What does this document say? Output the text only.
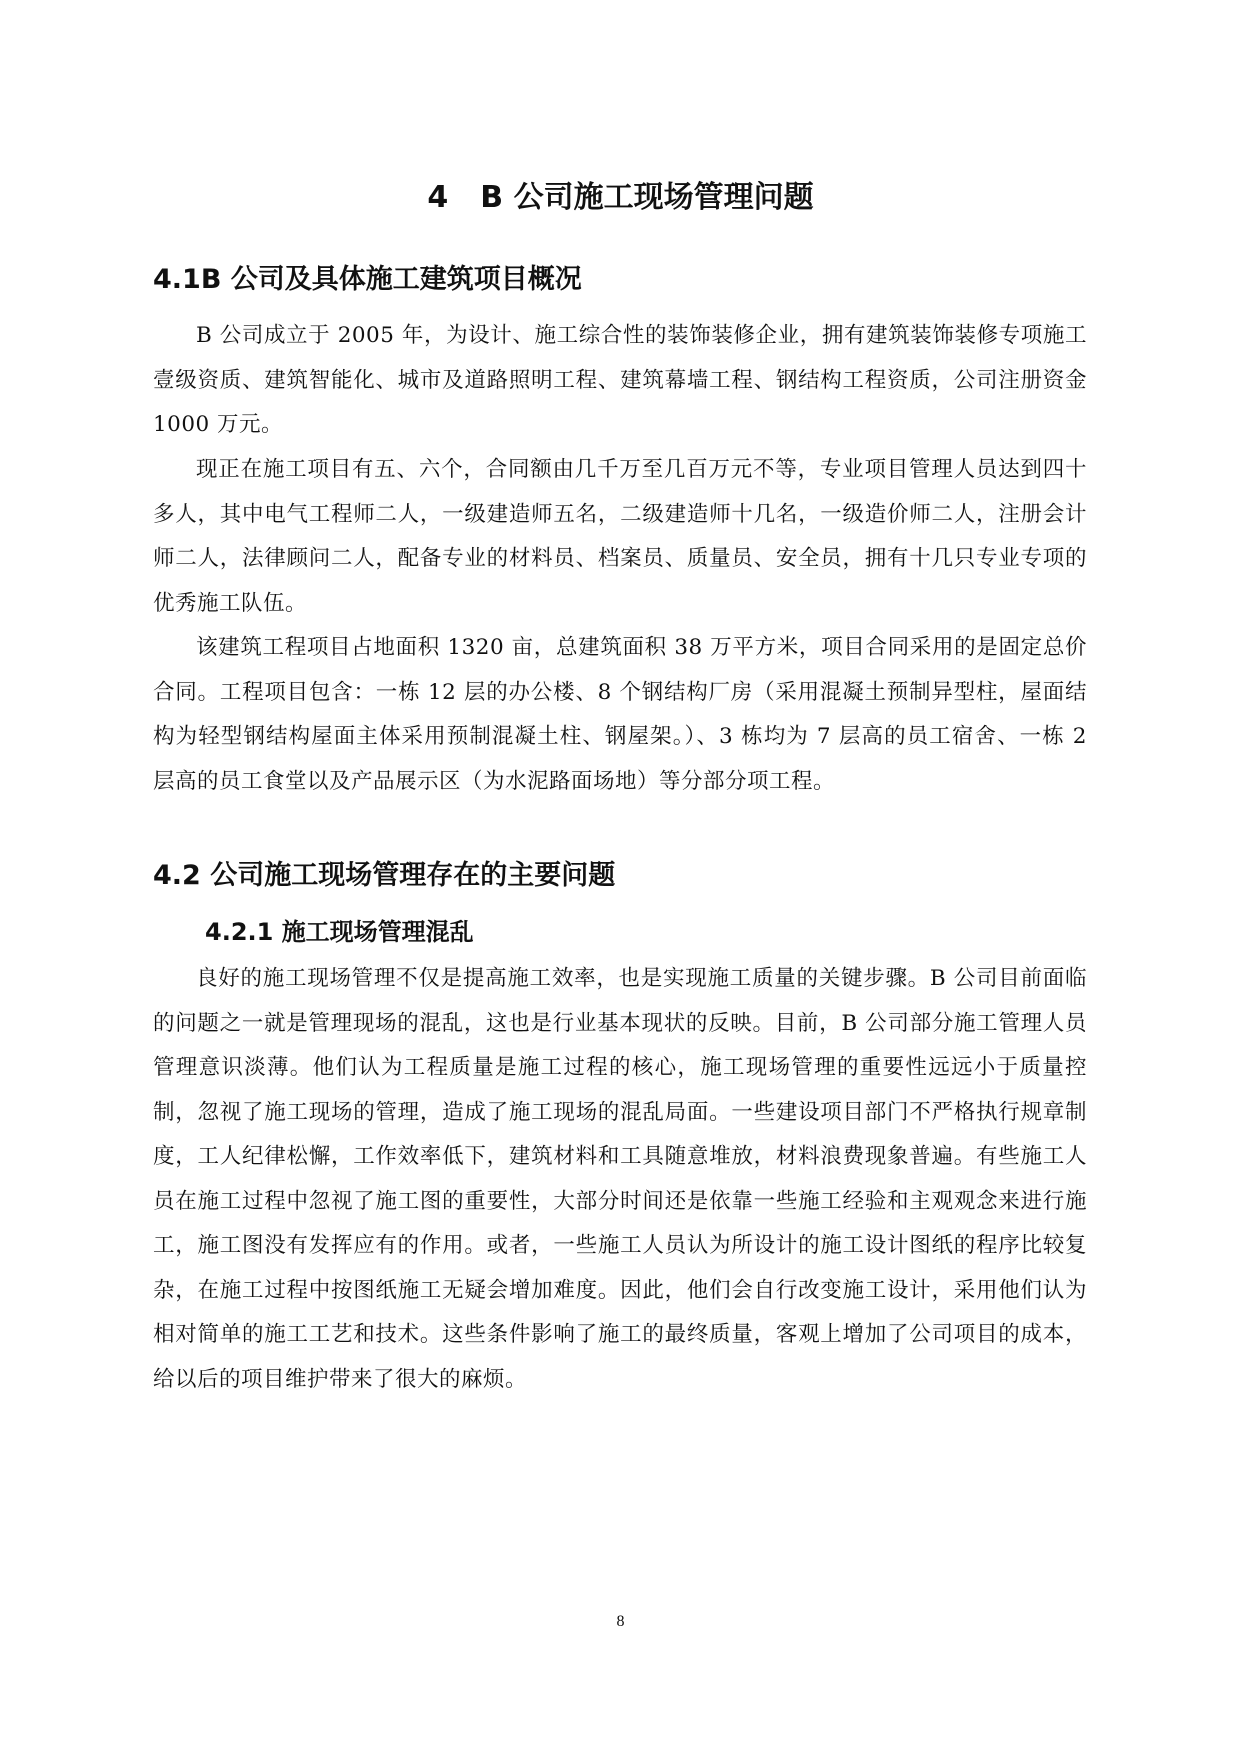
4 B 公司施工现场管理问题
4.1B 公司及具体施工建筑项目概况

B 公司成立于 2005 年，为设计、施工综合性的装饰装修企业，拥有建筑装饰装修专项施工壹级资质、建筑智能化、城市及道路照明工程、建筑幕墙工程、钢结构工程资质，公司注册资金 1000 万元。

现正在施工项目有五、六个，合同额由几千万至几百万元不等，专业项目管理人员达到四十多人，其中电气工程师二人，一级建造师五名，二级建造师十几名，一级造价师二人，注册会计师二人，法律顾问二人，配备专业的材料员、档案员、质量员、安全员，拥有十几只专业专项的优秀施工队伍。

该建筑工程项目占地面积 1320 亩，总建筑面积 38 万平方米，项目合同采用的是固定总价合同。工程项目包含：一栋 12 层的办公楼、8 个钢结构厂房（采用混凝土预制异型柱，屋面结构为轻型钢结构屋面主体采用预制混凝土柱、钢屋架。）、3 栋均为 7 层高的员工宿舍、一栋 2 层高的员工食堂以及产品展示区（为水泥路面场地）等分部分项工程。

4.2 公司施工现场管理存在的主要问题
4.2.1 施工现场管理混乱

良好的施工现场管理不仅是提高施工效率，也是实现施工质量的关键步骤。B 公司目前面临的问题之一就是管理现场的混乱，这也是行业基本现状的反映。目前，B 公司部分施工管理人员管理意识淡薄。他们认为工程质量是施工过程的核心，施工现场管理的重要性远远小于质量控制，忽视了施工现场的管理，造成了施工现场的混乱局面。一些建设项目部门不严格执行规章制度，工人纪律松懈，工作效率低下，建筑材料和工具随意堆放，材料浪费现象普遍。有些施工人员在施工过程中忽视了施工图的重要性，大部分时间还是依靠一些施工经验和主观观念来进行施工，施工图没有发挥应有的作用。或者，一些施工人员认为所设计的施工设计图纸的程序比较复杂，在施工过程中按图纸施工无疑会增加难度。因此，他们会自行改变施工设计，采用他们认为相对简单的施工工艺和技术。这些条件影响了施工的最终质量，客观上增加了公司项目的成本，给以后的项目维护带来了很大的麻烦。

8
